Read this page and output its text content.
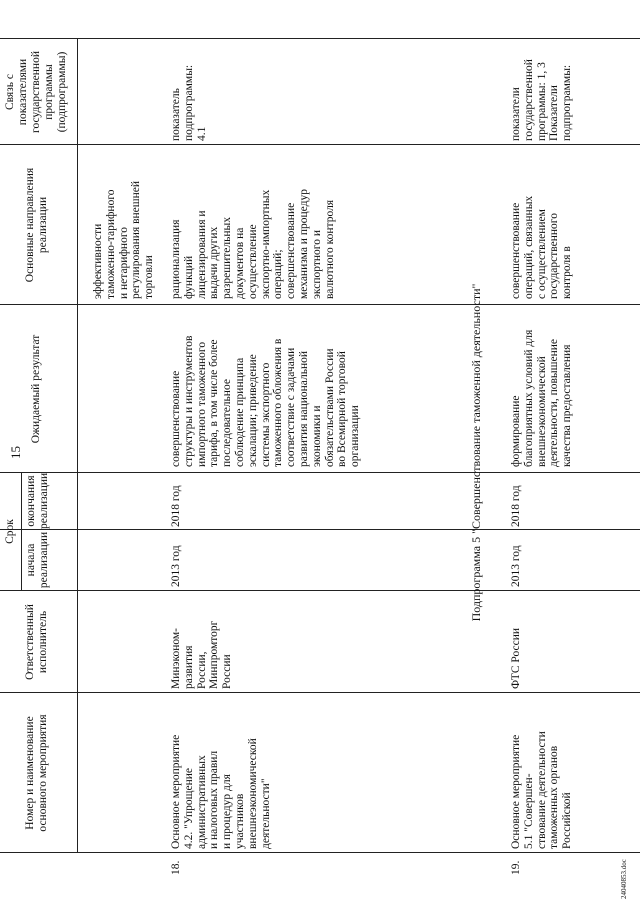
15
Номер и наименование основного мероприятия
Ответственный исполнитель
Срок
начала реализации
окончания реализации
Ожидаемый результат
Основные направления реализации
Связь с показателями государственной программы (подпрограммы)
эффективности таможенно-тарифного и нетарифного регулирования внешней торговли
18.
Основное мероприятие 4.2. "Упрощение административных и налоговых правил и процедур для участников внешнеэкономической деятельности"
Минэконом- развития России, Минпромторг России
2013 год
2018 год
совершенствование структуры и инструментов импортного таможенного тарифа, в том числе более последовательное соблюдение принципа эскалации; приведение системы экспортного таможенного обложения в соответствие с задачами развития национальной экономики и обязательствами России во Всемирной торговой организации
рационализация функций лицензирования и выдачи других разрешительных документов на осуществление экспортно-импортных операций; совершенствование механизма и процедур экспортного и валютного контроля
показатель подпрограммы: 4.1
Подпрограмма 5 "Совершенствование таможенной деятельности"
19.
Основное мероприятие 5.1 "Совершен- ствование деятельности таможенных органов Российской
ФТС России
2013 год
2018 год
формирование благоприятных условий для внешнеэкономической деятельности, повышение качества предоставления
совершенствование операций, связанных с осуществлением государственного контроля в
показатели государственной программы: 1, 3 Показатели подпрограммы:
24040853.doc
